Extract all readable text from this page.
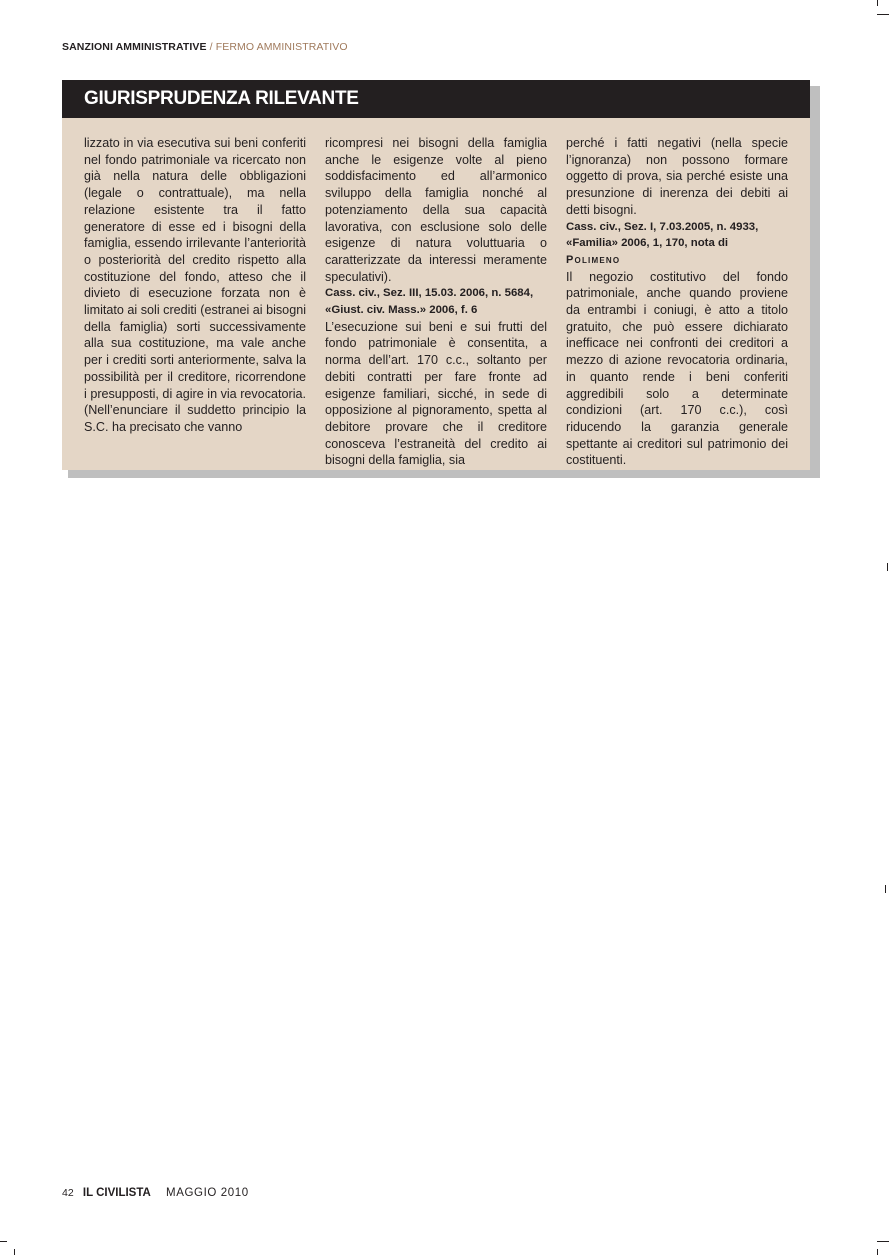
SANZIONI AMMINISTRATIVE / FERMO AMMINISTRATIVO
GIURISPRUDENZA RILEVANTE

lizzato in via esecutiva sui beni conferiti nel fondo patrimoniale va ricercato non già nella natura delle obbligazioni (legale o contrattuale), ma nella relazione esistente tra il fatto generatore di esse ed i bisogni della famiglia, essendo irrilevante l’anteriorità o posteriorità del credito rispetto alla costituzione del fondo, atteso che il divieto di esecuzione forzata non è limitato ai soli crediti (estranei ai bisogni della famiglia) sorti successivamente alla sua costituzione, ma vale anche per i crediti sorti anteriormente, salva la possibilità per il creditore, ricorrendone i presupposti, di agire in via revocatoria. (Nell’enunciare il suddetto principio la S.C. ha precisato che vanno

ricompresi nei bisogni della famiglia anche le esigenze volte al pieno soddisfacimento ed all’armonico sviluppo della famiglia nonché al potenziamento della sua capacità lavorativa, con esclusione solo delle esigenze di natura voluttuaria o caratterizzate da interessi meramente speculativi).

Cass. civ., Sez. III, 15.03. 2006, n. 5684, «Giust. civ. Mass.» 2006, f. 6

L’esecuzione sui beni e sui frutti del fondo patrimoniale è consentita, a norma dell’art. 170 c.c., soltanto per debiti contratti per fare fronte ad esigenze familiari, sicché, in sede di opposizione al pignoramento, spetta al debitore provare che il creditore conosceva l’estraneità del credito ai bisogni della famiglia, sia

perché i fatti negativi (nella specie l’ignoranza) non possono formare oggetto di prova, sia perché esiste una presunzione di inerenza dei debiti ai detti bisogni.

Cass. civ., Sez. I, 7.03.2005, n. 4933, «Familia» 2006, 1, 170, nota di
Polimeno

Il negozio costitutivo del fondo patrimoniale, anche quando proviene da entrambi i coniugi, è atto a titolo gratuito, che può essere dichiarato inefficace nei confronti dei creditori a mezzo di azione revocatoria ordinaria, in quanto rende i beni conferiti aggredibili solo a determinate condizioni (art. 170 c.c.), così riducendo la garanzia generale spettante ai creditori sul patrimonio dei costituenti.

42 IL CIVILISTA MAGGIO 2010
